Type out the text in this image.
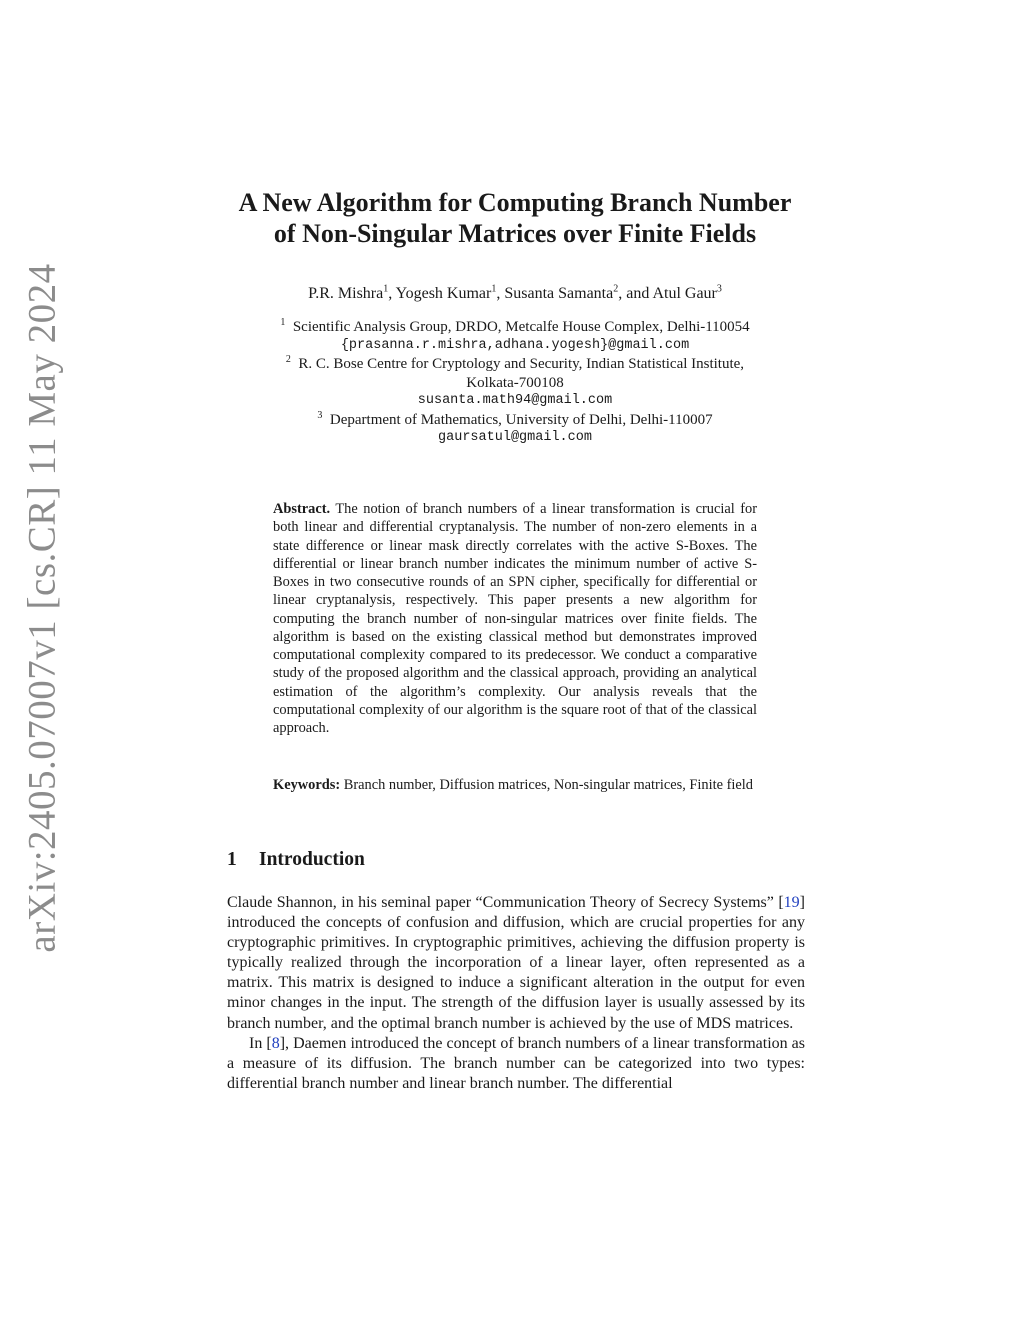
arXiv:2405.07007v1 [cs.CR] 11 May 2024
A New Algorithm for Computing Branch Number
of Non-Singular Matrices over Finite Fields
P.R. Mishra$^1$, Yogesh Kumar$^1$, Susanta Samanta$^2$, and Atul Gaur$^3$
$^1$ Scientific Analysis Group, DRDO, Metcalfe House Complex, Delhi-110054
{prasanna.r.mishra,adhana.yogesh}@gmail.com
$^2$ R. C. Bose Centre for Cryptology and Security, Indian Statistical Institute,
Kolkata-700108
susanta.math94@gmail.com
$^3$ Department of Mathematics, University of Delhi, Delhi-110007
gaursatul@gmail.com
Abstract. The notion of branch numbers of a linear transformation is crucial for both linear and differential cryptanalysis. The number of non-zero elements in a state difference or linear mask directly correlates with the active S-Boxes. The differential or linear branch number indicates the minimum number of active S-Boxes in two consecutive rounds of an SPN cipher, specifically for differential or linear cryptanalysis, respectively. This paper presents a new algorithm for computing the branch number of non-singular matrices over finite fields. The algorithm is based on the existing classical method but demonstrates improved computational complexity compared to its predecessor. We conduct a comparative study of the proposed algorithm and the classical approach, providing an analytical estimation of the algorithm’s complexity. Our analysis reveals that the computational complexity of our algorithm is the square root of that of the classical approach.
Keywords: Branch number, Diffusion matrices, Non-singular matrices, Finite field
1 Introduction

Claude Shannon, in his seminal paper “Communication Theory of Secrecy Systems” [19] introduced the concepts of confusion and diffusion, which are crucial properties for any cryptographic primitives. In cryptographic primitives, achieving the diffusion property is typically realized through the incorporation of a linear layer, often represented as a matrix. This matrix is designed to induce a significant alteration in the output for even minor changes in the input. The strength of the diffusion layer is usually assessed by its branch number, and the optimal branch number is achieved by the use of MDS matrices.

In [8], Daemen introduced the concept of branch numbers of a linear transformation as a measure of its diffusion. The branch number can be categorized into two types: differential branch number and linear branch number. The differential
